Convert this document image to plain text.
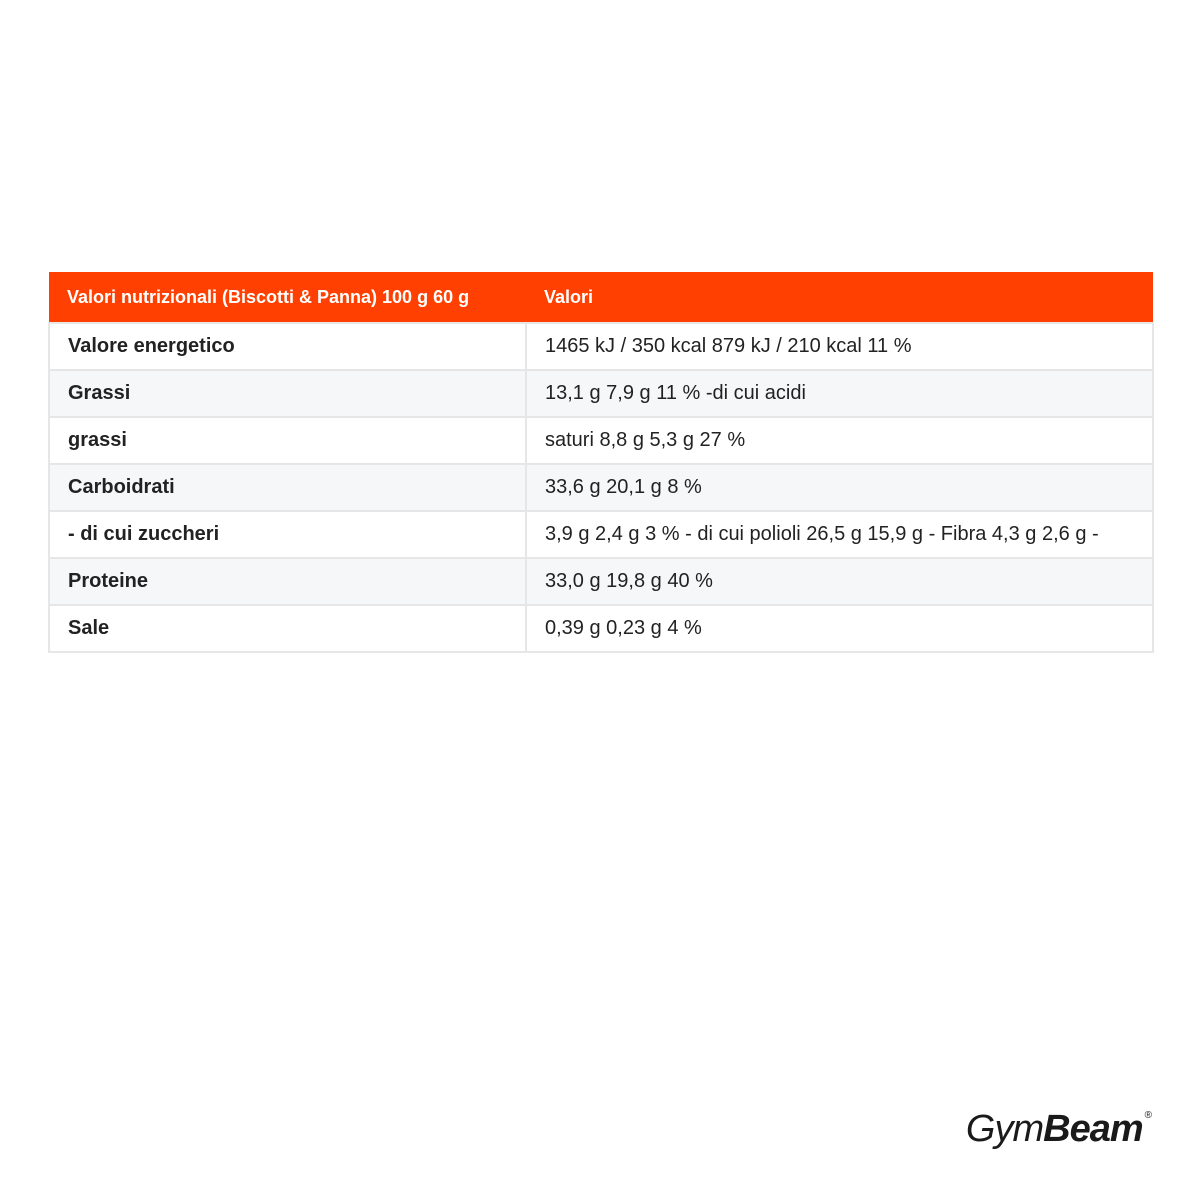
Valori nutrizionali (Biscotti & Panna) 100 g 60 g	Valori
Valore energetico	1465 kJ / 350 kcal 879 kJ / 210 kcal 11 %
Grassi	13,1 g 7,9 g 11 % -di cui acidi
grassi	saturi 8,8 g 5,3 g 27 %
Carboidrati	33,6 g 20,1 g 8 %
- di cui zuccheri	3,9 g 2,4 g 3 % - di cui polioli 26,5 g 15,9 g - Fibra 4,3 g 2,6 g -
Proteine	33,0 g 19,8 g 40 %
Sale	0,39 g 0,23 g 4 %
GymBeam ®
